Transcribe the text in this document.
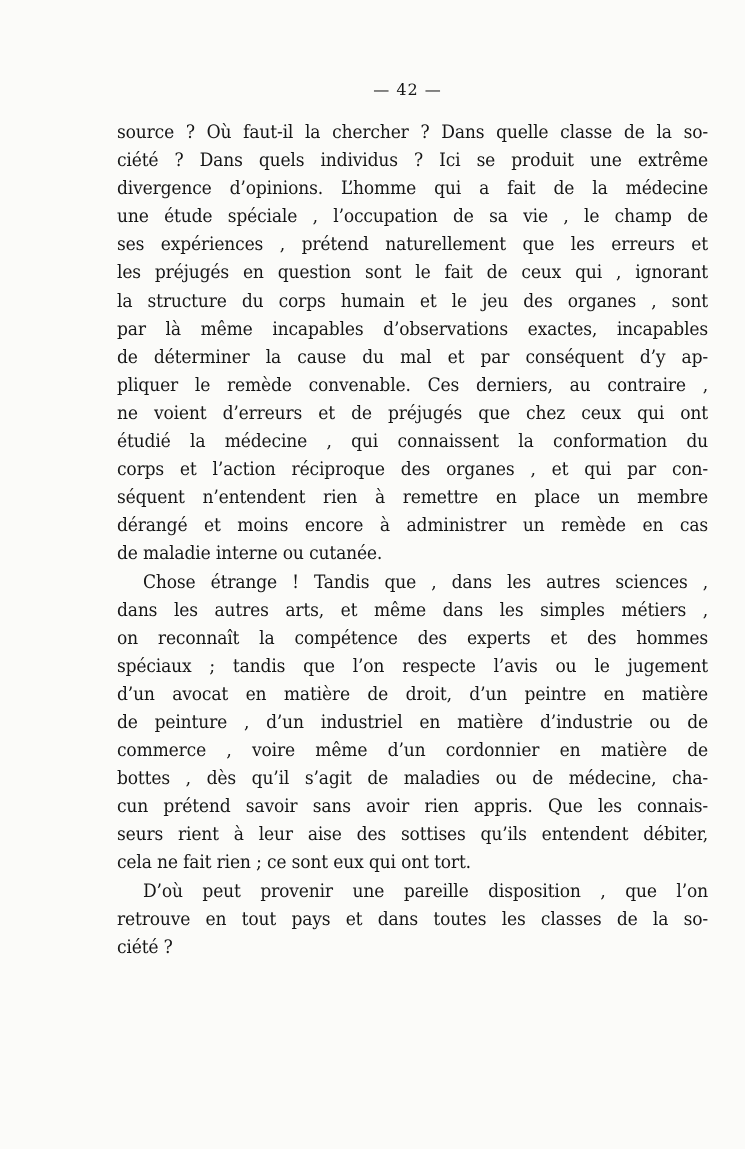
— 42 —
source ? Où faut-il la chercher ? Dans quelle classe de la so-
ciété ? Dans quels individus ? Ici se produit une extrême
divergence d’opinions. L’homme qui a fait de la médecine
une étude spéciale , l’occupation de sa vie , le champ de
ses expériences , prétend naturellement que les erreurs et
les préjugés en question sont le fait de ceux qui , ignorant
la structure du corps humain et le jeu des organes , sont
par là même incapables d’observations exactes, incapables
de déterminer la cause du mal et par conséquent d’y ap-
pliquer le remède convenable. Ces derniers, au contraire ,
ne voient d’erreurs et de préjugés que chez ceux qui ont
étudié la médecine , qui connaissent la conformation du
corps et l’action réciproque des organes , et qui par con-
séquent n’entendent rien à remettre en place un membre
dérangé et moins encore à administrer un remède en cas
de maladie interne ou cutanée.
Chose étrange ! Tandis que , dans les autres sciences ,
dans les autres arts, et même dans les simples métiers ,
on reconnaît la compétence des experts et des hommes
spéciaux ; tandis que l’on respecte l’avis ou le jugement
d’un avocat en matière de droit, d’un peintre en matière
de peinture , d’un industriel en matière d’industrie ou de
commerce , voire même d’un cordonnier en matière de
bottes , dès qu’il s’agit de maladies ou de médecine, cha-
cun prétend savoir sans avoir rien appris. Que les connais-
seurs rient à leur aise des sottises qu’ils entendent débiter,
cela ne fait rien ; ce sont eux qui ont tort.
D’où peut provenir une pareille disposition , que l’on
retrouve en tout pays et dans toutes les classes de la so-
ciété ?
